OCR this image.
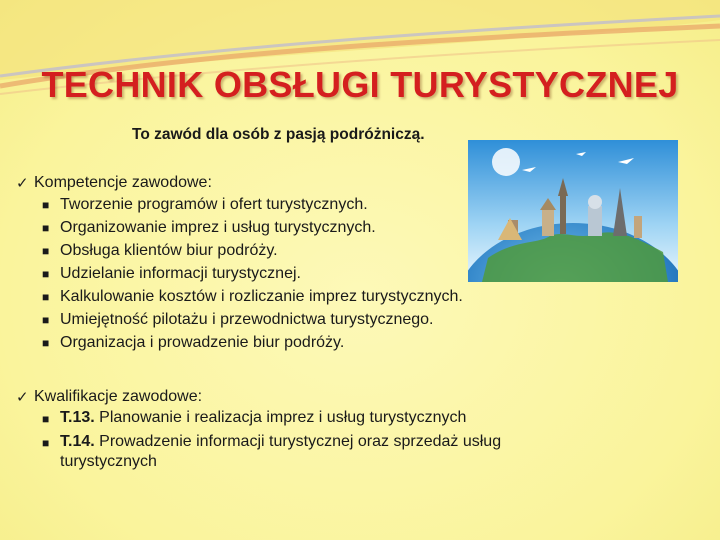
TECHNIK OBSŁUGI TURYSTYCZNEJ
To zawód dla osób z pasją podróżniczą.
✓ Kompetencje zawodowe:
■ Tworzenie programów i ofert turystycznych.
■ Organizowanie imprez i usług turystycznych.
■ Obsługa klientów biur podróży.
■ Udzielanie informacji turystycznej.
■ Kalkulowanie kosztów i rozliczanie imprez turystycznych.
■ Umiejętność pilotażu i przewodnictwa turystycznego.
■ Organizacja i prowadzenie biur podróży.
✓ Kwalifikacje zawodowe:
■ T.13. Planowanie i realizacja imprez i usług turystycznych
■ T.14. Prowadzenie informacji turystycznej oraz sprzedaż usług turystycznych
